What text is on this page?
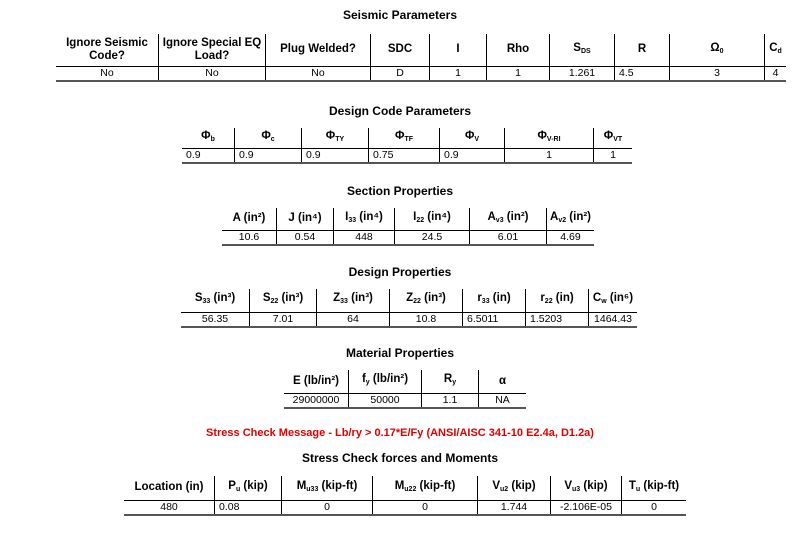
Seismic Parameters
Ignore Seismic Code?	Ignore Special EQ Load?	Plug Welded?	SDC	I	Rho	$S_{DS}$	R	$\Omega_0$	$C_d$
No	No	No	D	1	1	1.261	4.5	3	4
Design Code Parameters
$\Phi_b$	$\Phi_c$	$\Phi_{TY}$	$\Phi_{TF}$	$\Phi_V$	$\Phi_{V-RI}$	$\Phi_{VT}$
0.9	0.9	0.9	0.75	0.9	1	1
Section Properties
A (in²)	J (in⁴)	$I_{33}$ (in⁴)	$I_{22}$ (in⁴)	$A_{v3}$ (in²)	$A_{v2}$ (in²)
10.6	0.54	448	24.5	6.01	4.69
Design Properties
$S_{33}$ (in³)	$S_{22}$ (in³)	$Z_{33}$ (in³)	$Z_{22}$ (in³)	$r_{33}$ (in)	$r_{22}$ (in)	$C_w$ (in⁶)
56.35	7.01	64	10.8	6.5011	1.5203	1464.43
Material Properties
E (lb/in²)	$f_y$ (lb/in²)	$R_y$	α
29000000	50000	1.1	NA
Stress Check Message - Lb/ry > 0.17*E/Fy (ANSI/AISC 341-10 E2.4a, D1.2a)
Stress Check forces and Moments
Location (in)	$P_u$ (kip)	$M_{u33}$ (kip-ft)	$M_{u22}$ (kip-ft)	$V_{u2}$ (kip)	$V_{u3}$ (kip)	$T_u$ (kip-ft)
480	0.08	0	0	1.744	-2.106E-05	0
